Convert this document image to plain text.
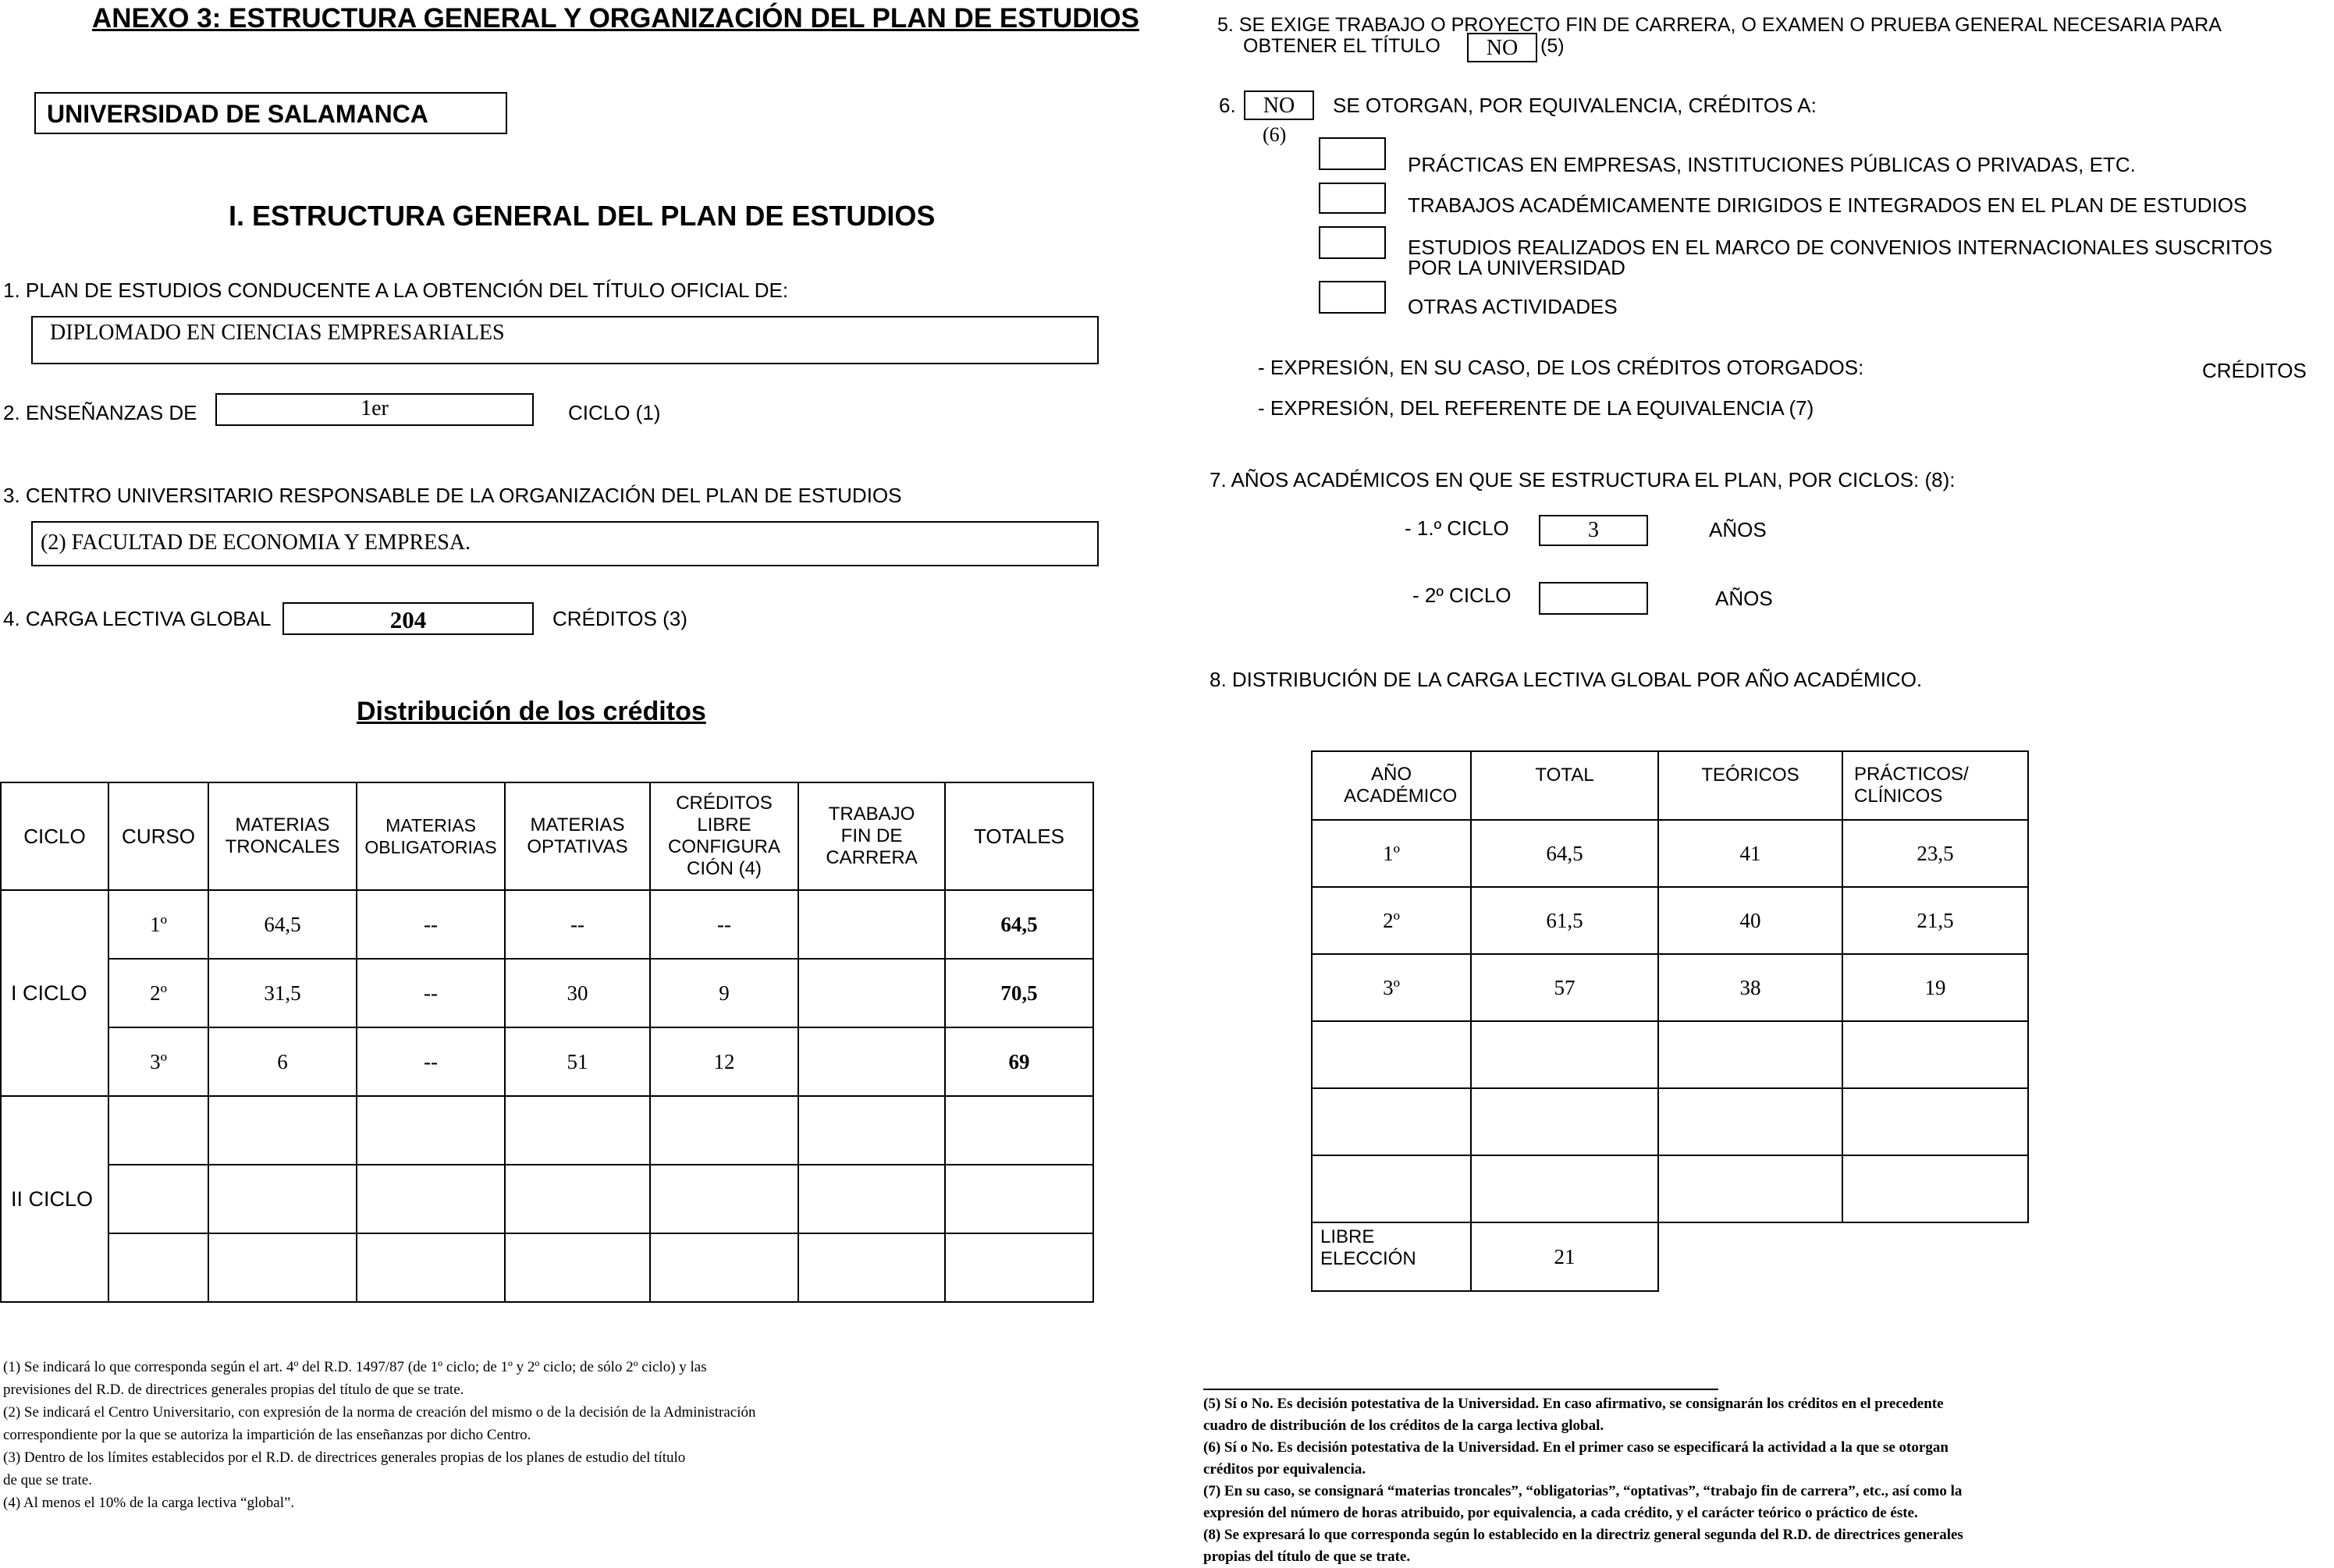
ANEXO 3: ESTRUCTURA GENERAL Y ORGANIZACIÓN DEL PLAN DE ESTUDIOS
UNIVERSIDAD DE SALAMANCA
I. ESTRUCTURA GENERAL DEL PLAN DE ESTUDIOS
1. PLAN DE ESTUDIOS CONDUCENTE A LA OBTENCIÓN DEL TÍTULO OFICIAL DE:
DIPLOMADO EN CIENCIAS EMPRESARIALES
2. ENSEÑANZAS DE	1er	CICLO (1)
3. CENTRO UNIVERSITARIO RESPONSABLE DE LA ORGANIZACIÓN DEL PLAN DE ESTUDIOS
(2) FACULTAD DE ECONOMIA Y EMPRESA.
4. CARGA LECTIVA GLOBAL	204	CRÉDITOS (3)
Distribución de los créditos
CICLO	CURSO	MATERIAS TRONCALES	MATERIAS OBLIGATORIAS	MATERIAS OPTATIVAS	CRÉDITOS LIBRE CONFIGURA CIÓN (4)	TRABAJO FIN DE CARRERA	TOTALES
I CICLO	1º	64,5	--	--	--		64,5
	2º	31,5	--	30	9		70,5
	3º	6	--	51	12		69
II CICLO							

(1) Se indicará lo que corresponda según el art. 4º del R.D. 1497/87 (de 1º ciclo; de 1º y 2º ciclo; de sólo 2º ciclo) y las
previsiones del R.D. de directrices generales propias del título de que se trate.
(2) Se indicará el Centro Universitario, con expresión de la norma de creación del mismo o de la decisión de la Administración
correspondiente por la que se autoriza la impartición de las enseñanzas por dicho Centro.
(3) Dentro de los límites establecidos por el R.D. de directrices generales propias de los planes de estudio del título
de que se trate.
(4) Al menos el 10% de la carga lectiva “global”.
5. SE EXIGE TRABAJO O PROYECTO FIN DE CARRERA, O EXAMEN O PRUEBA GENERAL NECESARIA PARA
OBTENER EL TÍTULO	NO	(5)
6.	NO
(6)
SE OTORGAN, POR EQUIVALENCIA, CRÉDITOS A:
PRÁCTICAS EN EMPRESAS, INSTITUCIONES PÚBLICAS O PRIVADAS, ETC.
TRABAJOS ACADÉMICAMENTE DIRIGIDOS E INTEGRADOS EN EL PLAN DE ESTUDIOS
ESTUDIOS REALIZADOS EN EL MARCO DE CONVENIOS INTERNACIONALES SUSCRITOS
POR LA UNIVERSIDAD
OTRAS ACTIVIDADES
- EXPRESIÓN, EN SU CASO, DE LOS CRÉDITOS OTORGADOS:	CRÉDITOS
- EXPRESIÓN, DEL REFERENTE DE LA EQUIVALENCIA (7)
7. AÑOS ACADÉMICOS EN QUE SE ESTRUCTURA EL PLAN, POR CICLOS: (8):
- 1.º CICLO	3	AÑOS
- 2º CICLO	AÑOS
8. DISTRIBUCIÓN DE LA CARGA LECTIVA GLOBAL POR AÑO ACADÉMICO.
AÑO ACADÉMICO	TOTAL	TEÓRICOS	PRÁCTICOS/ CLÍNICOS
1º	64,5	41	23,5
2º	61,5	40	21,5
3º	57	38	19

LIBRE ELECCIÓN	21		
(5) Sí o No. Es decisión potestativa de la Universidad. En caso afirmativo, se consignarán los créditos en el precedente
cuadro de distribución de los créditos de la carga lectiva global.
(6) Sí o No. Es decisión potestativa de la Universidad. En el primer caso se especificará la actividad a la que se otorgan
créditos por equivalencia.
(7) En su caso, se consignará “materias troncales”, “obligatorias”, “optativas”, “trabajo fin de carrera”, etc., así como la
expresión del número de horas atribuido, por equivalencia, a cada crédito, y el carácter teórico o práctico de éste.
(8) Se expresará lo que corresponda según lo establecido en la directriz general segunda del R.D. de directrices generales
propias del título de que se trate.
